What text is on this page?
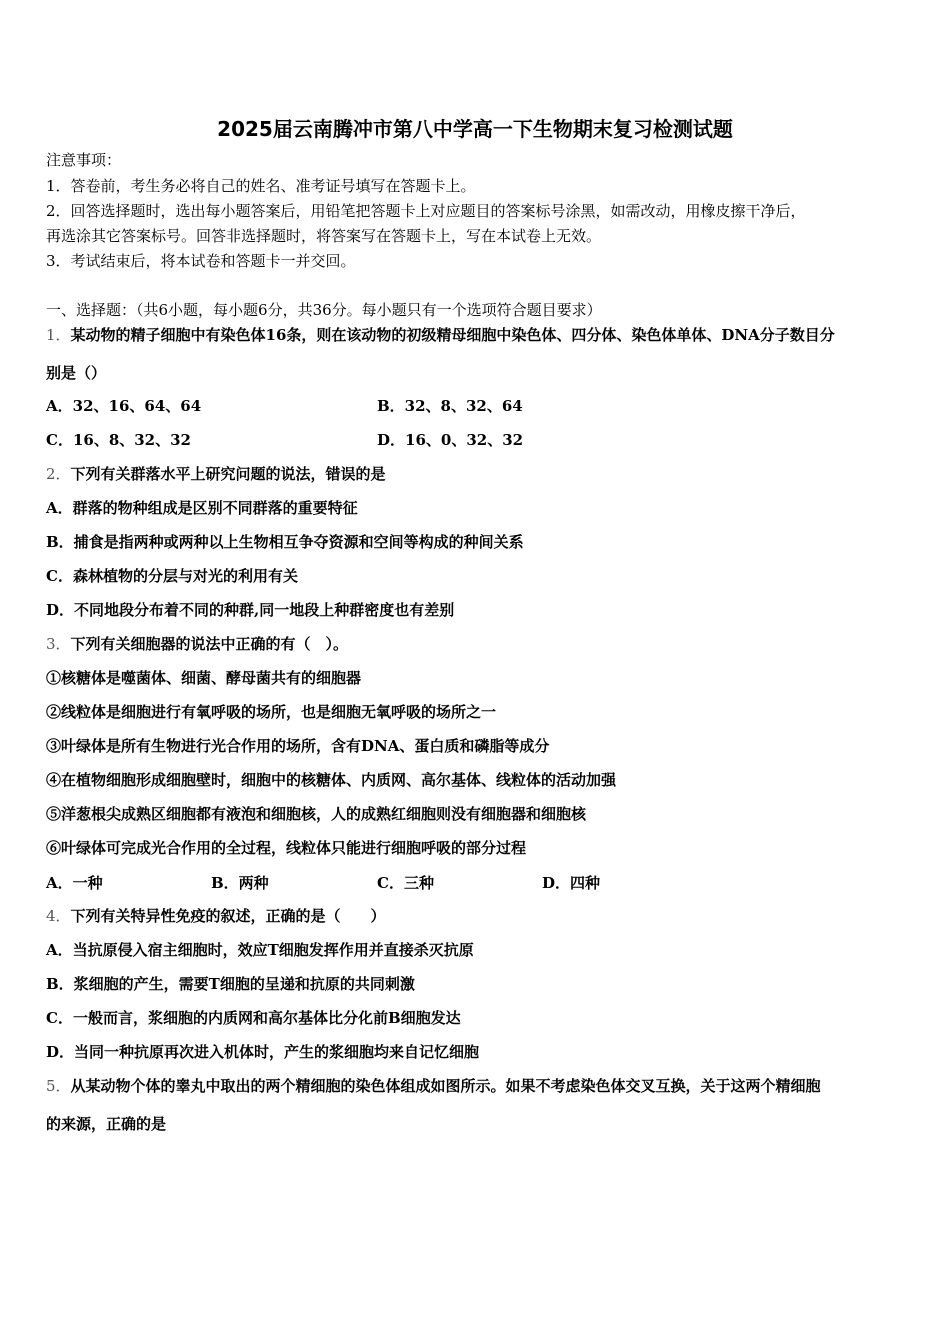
2025届云南腾冲市第八中学高一下生物期末复习检测试题
注意事项：
1．答卷前，考生务必将自己的姓名、准考证号填写在答题卡上。
2．回答选择题时，选出每小题答案后，用铅笔把答题卡上对应题目的答案标号涂黑，如需改动，用橡皮擦干净后，
再选涂其它答案标号。回答非选择题时，将答案写在答题卡上，写在本试卷上无效。
3．考试结束后，将本试卷和答题卡一并交回。
一、选择题：（共6小题，每小题6分，共36分。每小题只有一个选项符合题目要求）
1．某动物的精子细胞中有染色体16条，则在该动物的初级精母细胞中染色体、四分体、染色体单体、DNA分子数目分
别是（）
A．32、16、64、64	B．32、8、32、64
C．16、8、32、32	D．16、0、32、32
2．下列有关群落水平上研究问题的说法，错误的是
A．群落的物种组成是区别不同群落的重要特征
B．捕食是指两种或两种以上生物相互争夺资源和空间等构成的种间关系
C．森林植物的分层与对光的利用有关
D．不同地段分布着不同的种群,同一地段上种群密度也有差别
3．下列有关细胞器的说法中正确的有（　）。
①核糖体是噬菌体、细菌、酵母菌共有的细胞器
②线粒体是细胞进行有氧呼吸的场所，也是细胞无氧呼吸的场所之一
③叶绿体是所有生物进行光合作用的场所，含有DNA、蛋白质和磷脂等成分
④在植物细胞形成细胞壁时，细胞中的核糖体、内质网、高尔基体、线粒体的活动加强
⑤洋葱根尖成熟区细胞都有液泡和细胞核，人的成熟红细胞则没有细胞器和细胞核
⑥叶绿体可完成光合作用的全过程，线粒体只能进行细胞呼吸的部分过程
A．一种	B．两种	C．三种	D．四种
4．下列有关特异性免疫的叙述，正确的是（　　）
A．当抗原侵入宿主细胞时，效应T细胞发挥作用并直接杀灭抗原
B．浆细胞的产生，需要T细胞的呈递和抗原的共同刺激
C．一般而言，浆细胞的内质网和高尔基体比分化前B细胞发达
D．当同一种抗原再次进入机体时，产生的浆细胞均来自记忆细胞
5．从某动物个体的睾丸中取出的两个精细胞的染色体组成如图所示。如果不考虑染色体交叉互换，关于这两个精细胞
的来源，正确的是
